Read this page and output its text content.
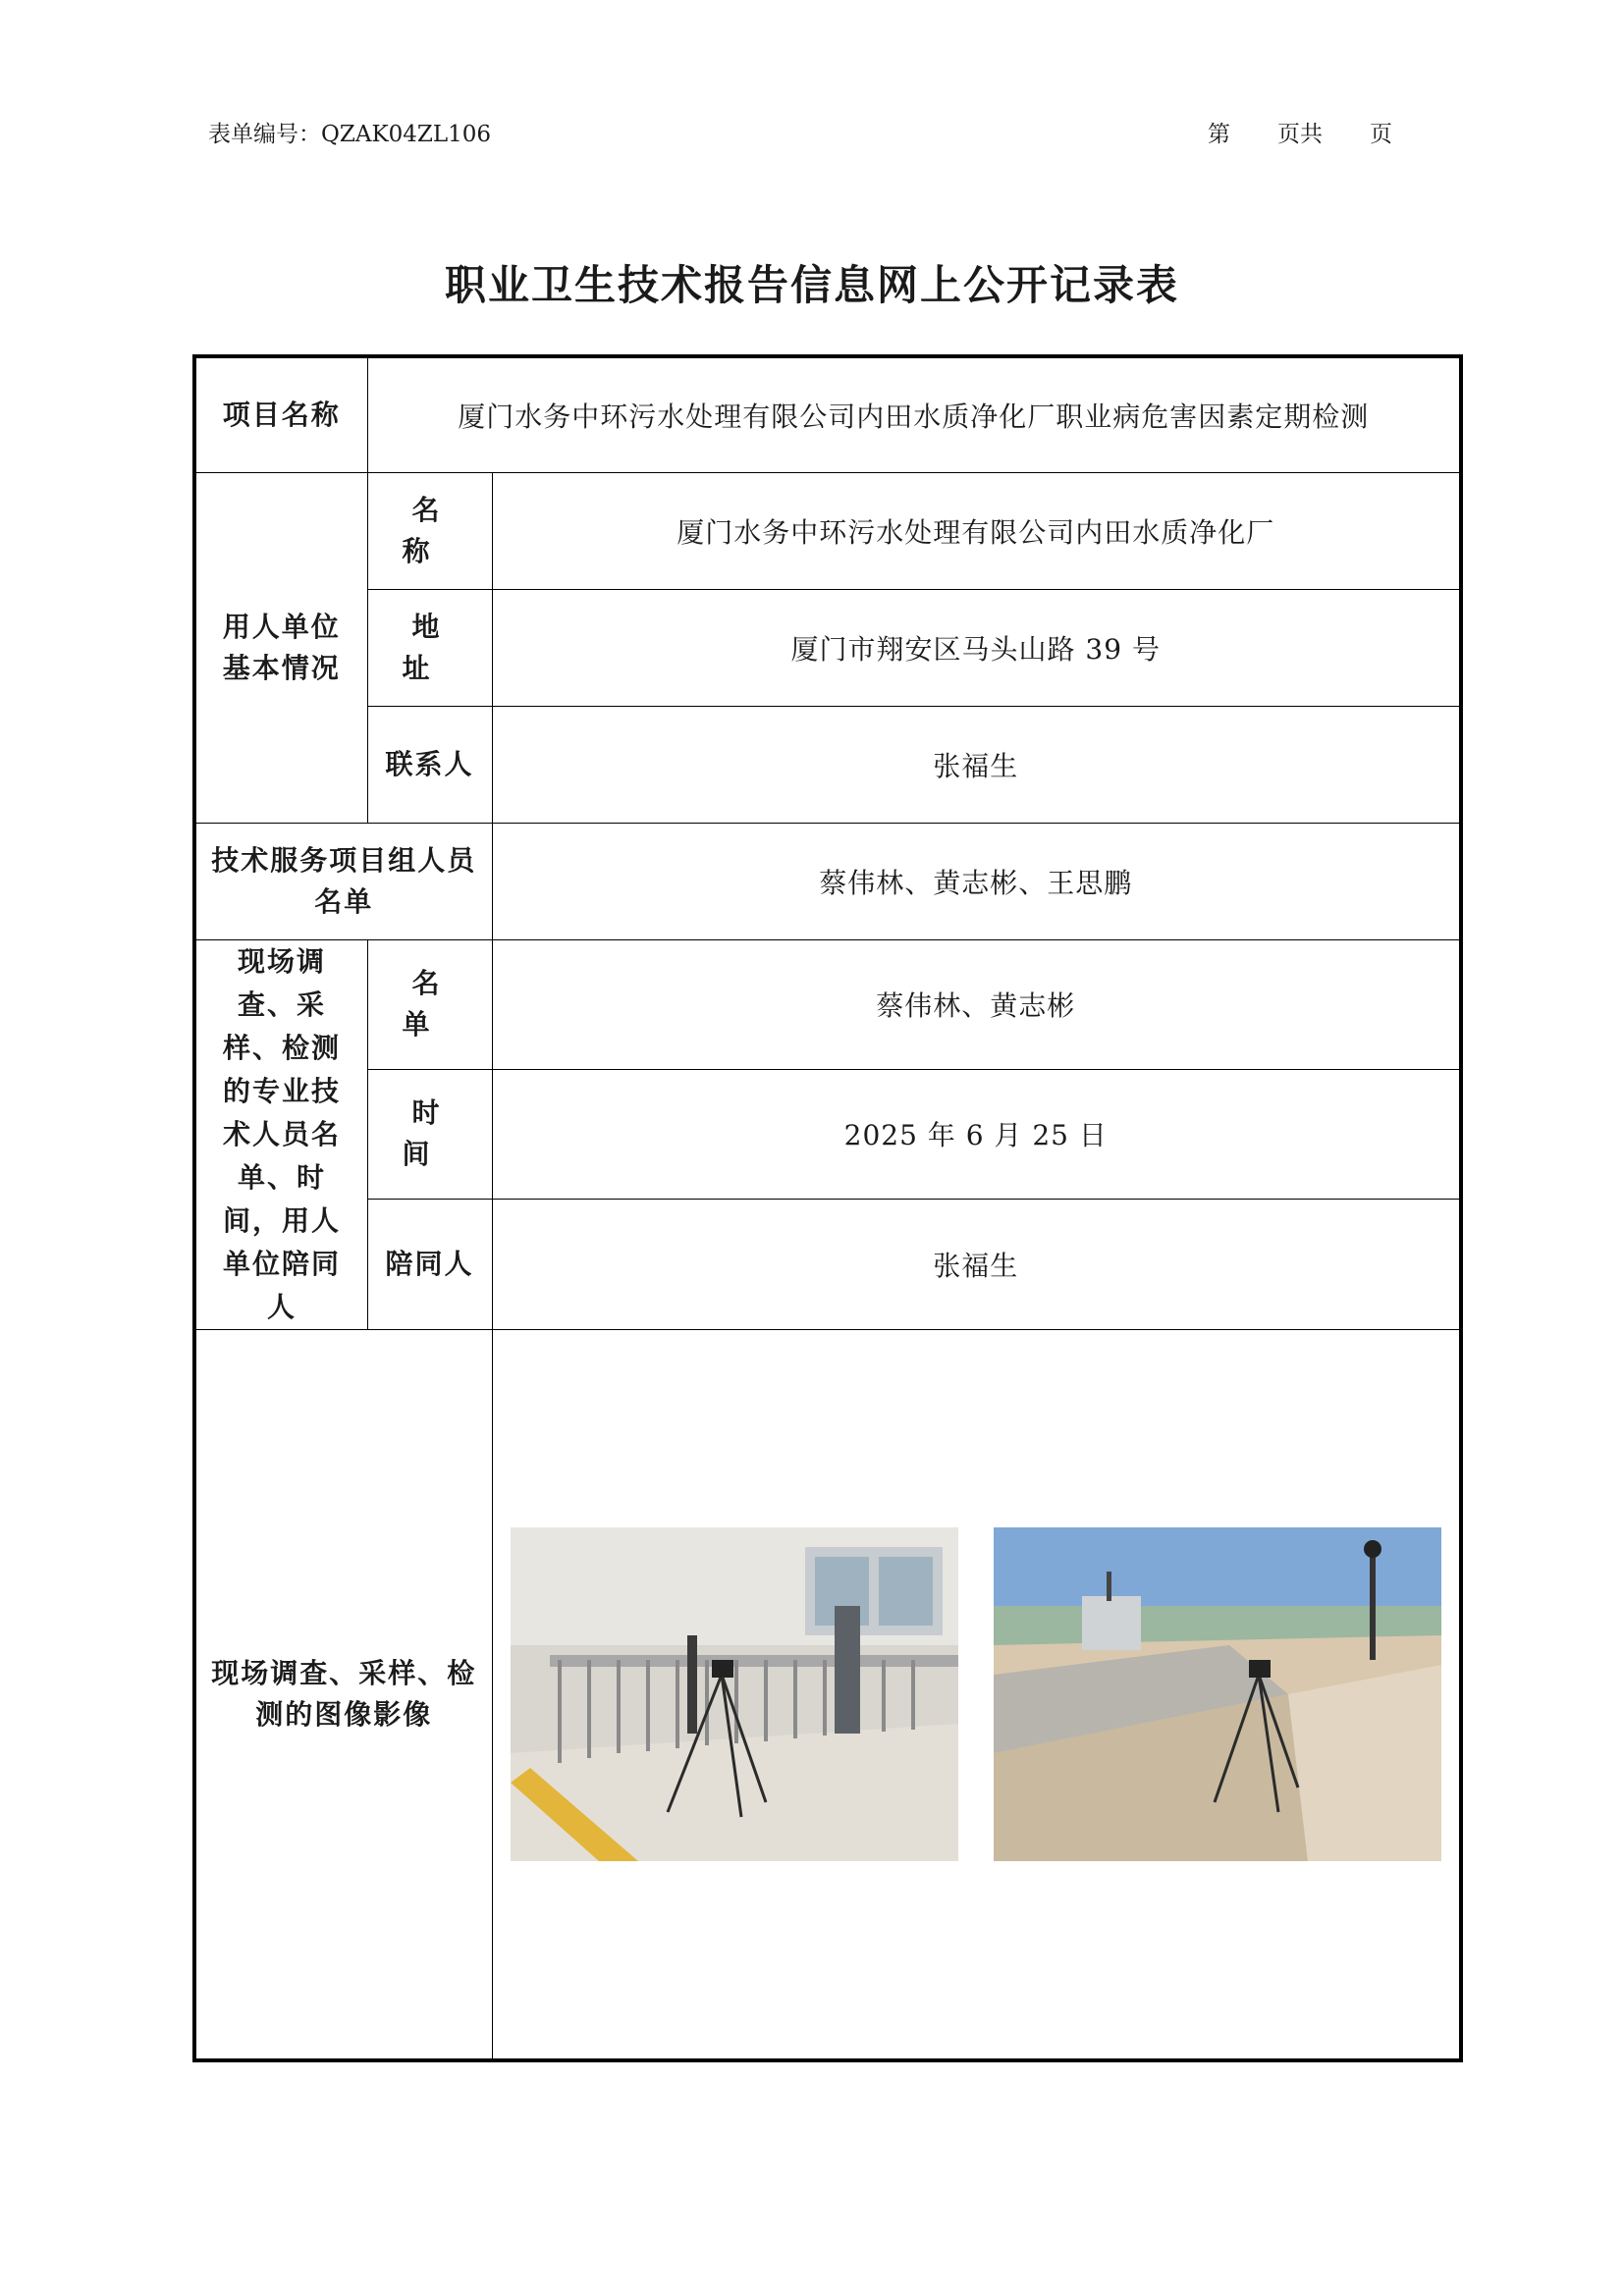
表单编号：QZAK04ZL106	第 页共 页
职业卫生技术报告信息网上公开记录表
项目名称	厦门水务中环污水处理有限公司内田水质净化厂职业病危害因素定期检测	

用人单位基本情况	名 称	厦门水务中环污水处理有限公司内田水质净化厂
	地 址	厦门市翔安区马头山路 39 号
	联系人	张福生

技术服务项目组人员名单		蔡伟林、黄志彬、王思鹏

现场调查、采样、检测的专业技术人员名单、时间，用人单位陪同人	名 单	蔡伟林、黄志彬
	时 间	2025 年 6 月 25 日
	陪同人	张福生

现场调查、采样、检测的图像影像
